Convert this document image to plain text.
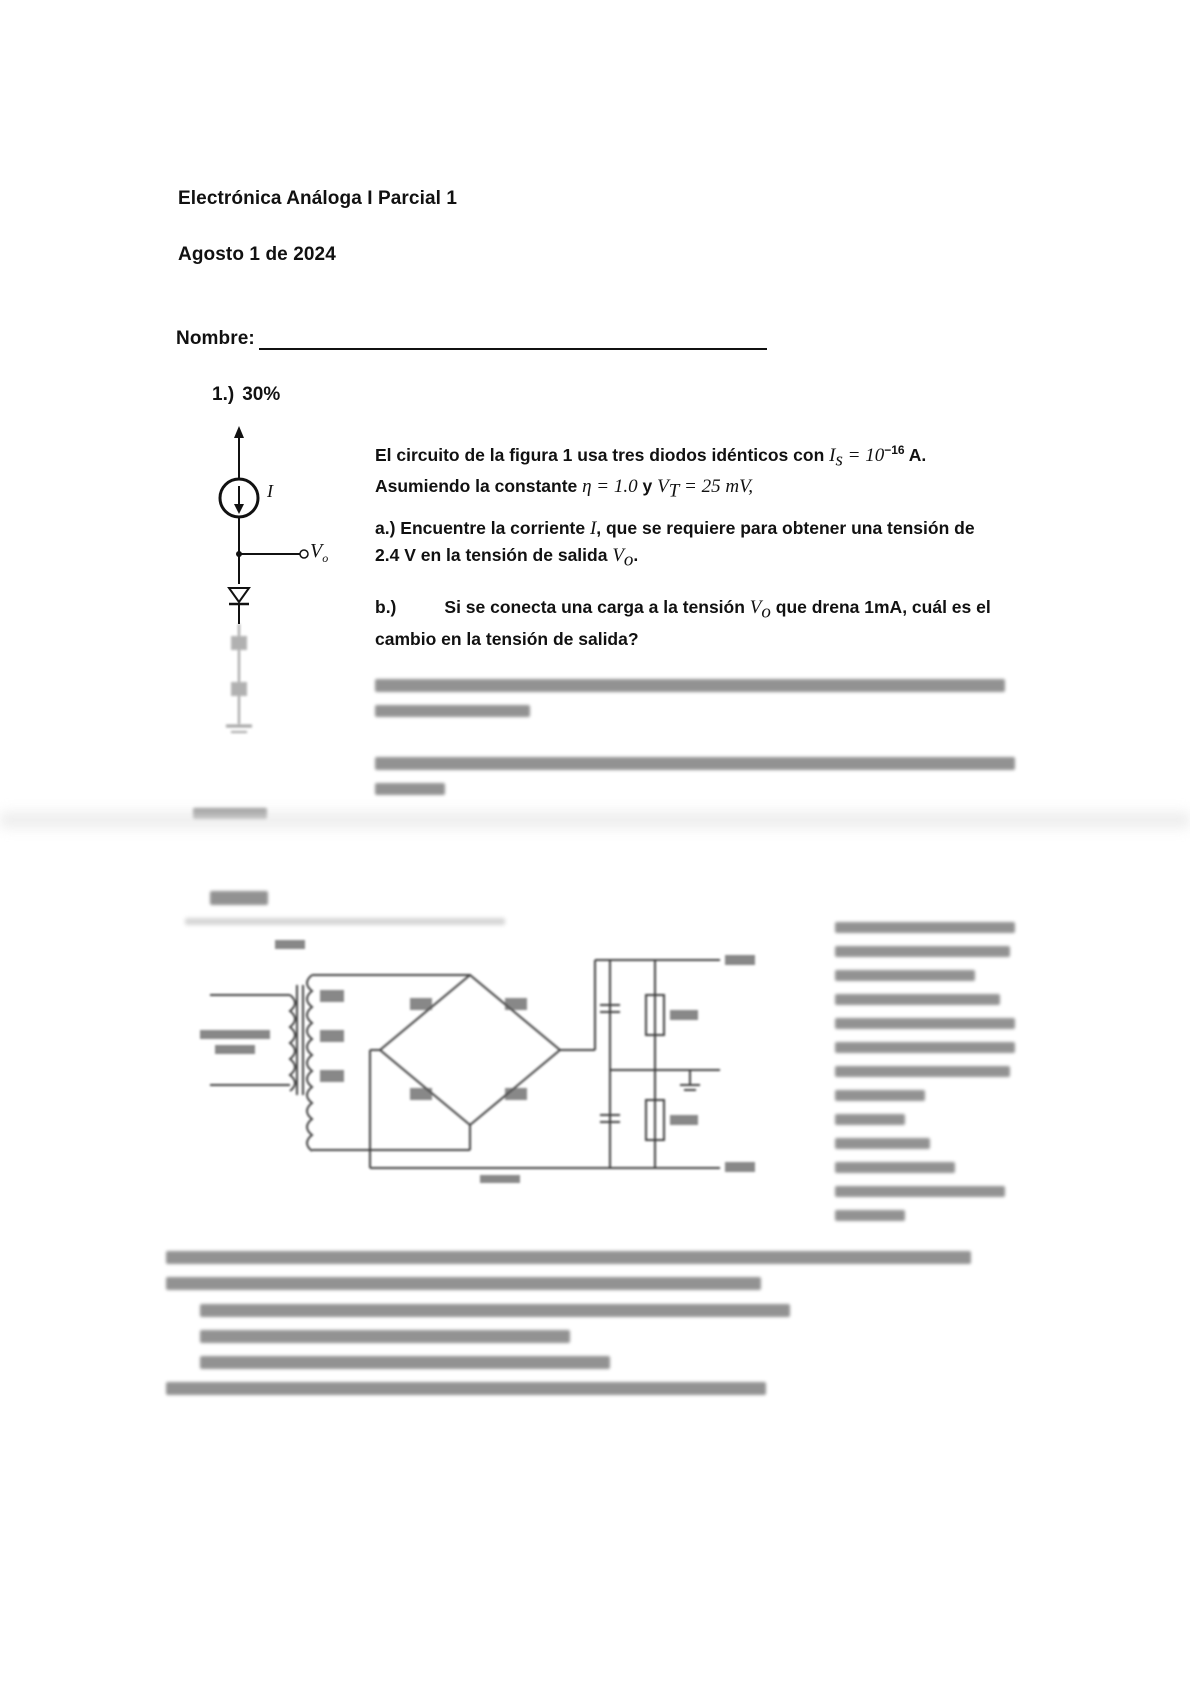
Electrónica Análoga I Parcial 1
Agosto 1 de 2024
Nombre:
1.) 30%
I
$V_o$
El circuito de la figura 1 usa tres diodos idénticos con $I_s = 10^{-16}$ A.
Asumiendo la constante η = 1.0 y $V_T = 25$ mV,
a.) Encuentre la corriente I, que se requiere para obtener una tensión de
2.4 V en la tensión de salida $V_o$.
b.)	Si se conecta una carga a la tensión $V_o$ que drena 1mA, cuál es el
cambio en la tensión de salida?
